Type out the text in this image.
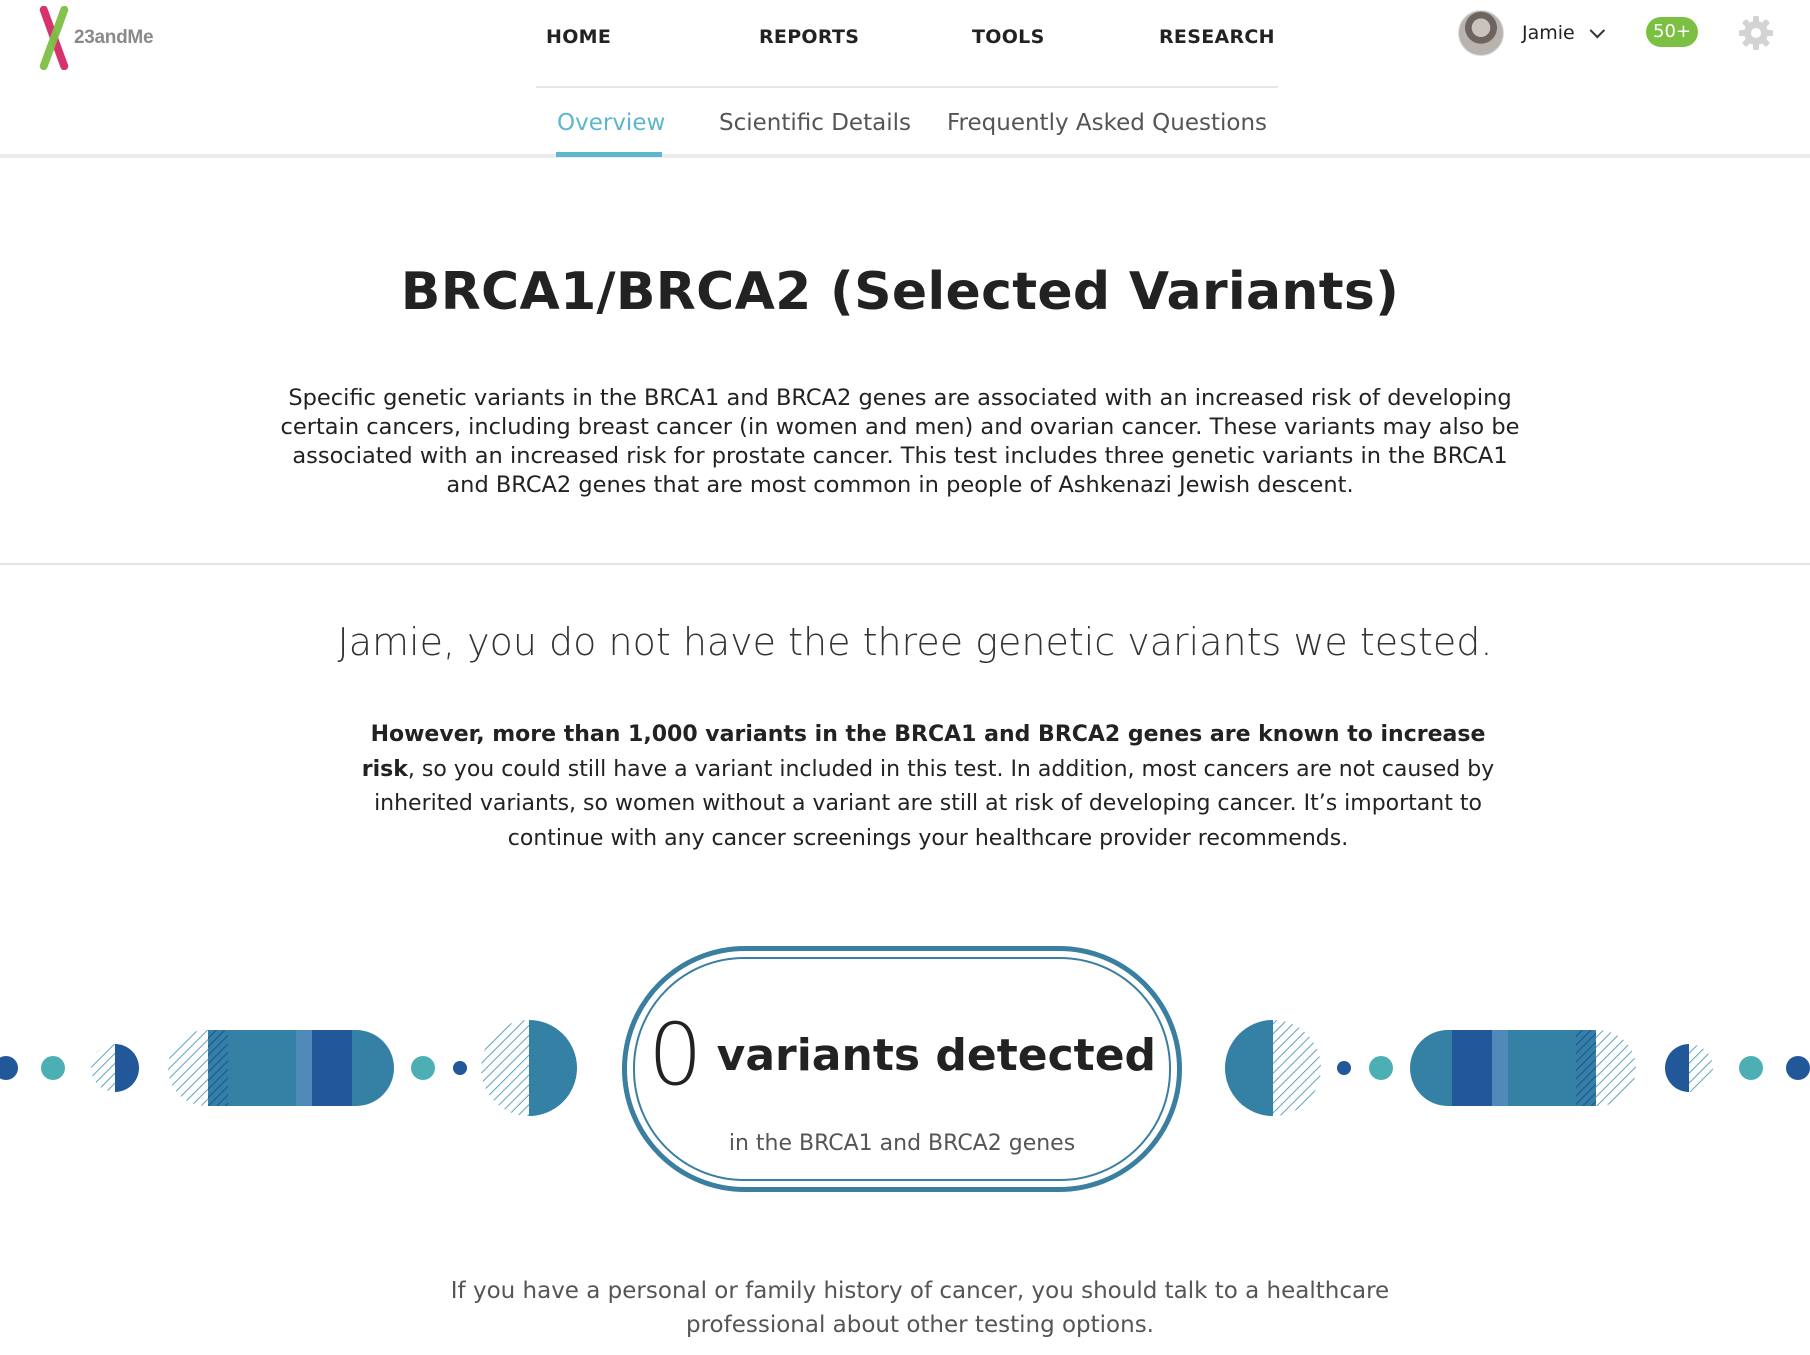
23andMe	HOME	REPORTS	TOOLS	RESEARCH	Jamie	50+
Overview Scientific Details Frequently Asked Questions
BRCA1/BRCA2 (Selected Variants)

Specific genetic variants in the BRCA1 and BRCA2 genes are associated with an increased risk of developing certain cancers, including breast cancer (in women and men) and ovarian cancer. These variants may also be associated with an increased risk for prostate cancer. This test includes three genetic variants in the BRCA1 and BRCA2 genes that are most common in people of Ashkenazi Jewish descent.

Jamie, you do not have the three genetic variants we tested.

However, more than 1,000 variants in the BRCA1 and BRCA2 genes are known to increase risk, so you could still have a variant included in this test. In addition, most cancers are not caused by inherited variants, so women without a variant are still at risk of developing cancer. It’s important to continue with any cancer screenings your healthcare provider recommends.

0 variants detected
in the BRCA1 and BRCA2 genes

If you have a personal or family history of cancer, you should talk to a healthcare professional about other testing options.
